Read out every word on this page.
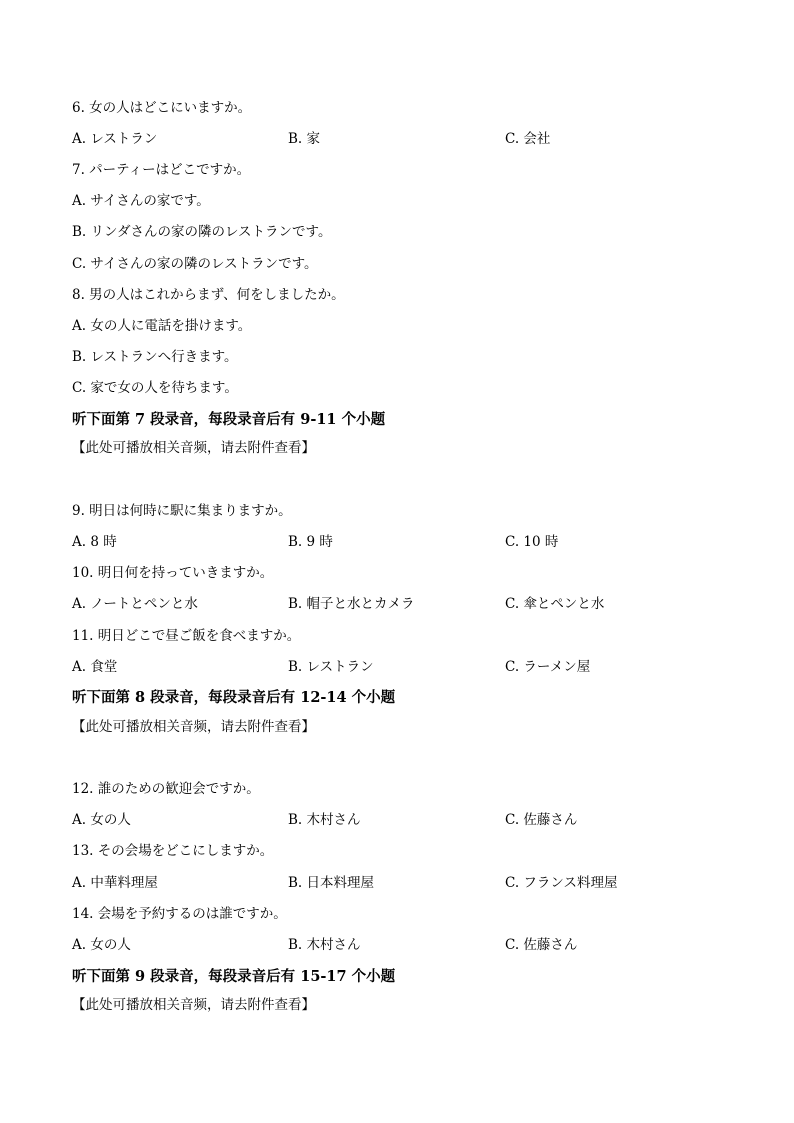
6. 女の人はどこにいますか。
A. レストラン	B. 家	C. 会社
7. パーティーはどこですか。
A. サイさんの家です。
B. リンダさんの家の隣のレストランです。
C. サイさんの家の隣のレストランです。
8. 男の人はこれからまず、何をしましたか。
A. 女の人に電話を掛けます。
B. レストランへ行きます。
C. 家で女の人を待ちます。
听下面第 7 段录音，每段录音后有 9-11 个小题
【此处可播放相关音频，请去附件查看】
9. 明日は何時に駅に集まりますか。
A. 8 時	B. 9 時	C. 10 時
10. 明日何を持っていきますか。
A. ノートとペンと水	B. 帽子と水とカメラ	C. 傘とペンと水
11. 明日どこで昼ご飯を食べますか。
A. 食堂	B. レストラン	C. ラーメン屋
听下面第 8 段录音，每段录音后有 12-14 个小题
【此处可播放相关音频，请去附件查看】
12. 誰のための歓迎会ですか。
A. 女の人	B. 木村さん	C. 佐藤さん
13. その会場をどこにしますか。
A. 中華料理屋	B. 日本料理屋	C. フランス料理屋
14. 会場を予約するのは誰ですか。
A. 女の人	B. 木村さん	C. 佐藤さん
听下面第 9 段录音，每段录音后有 15-17 个小题
【此处可播放相关音频，请去附件查看】
